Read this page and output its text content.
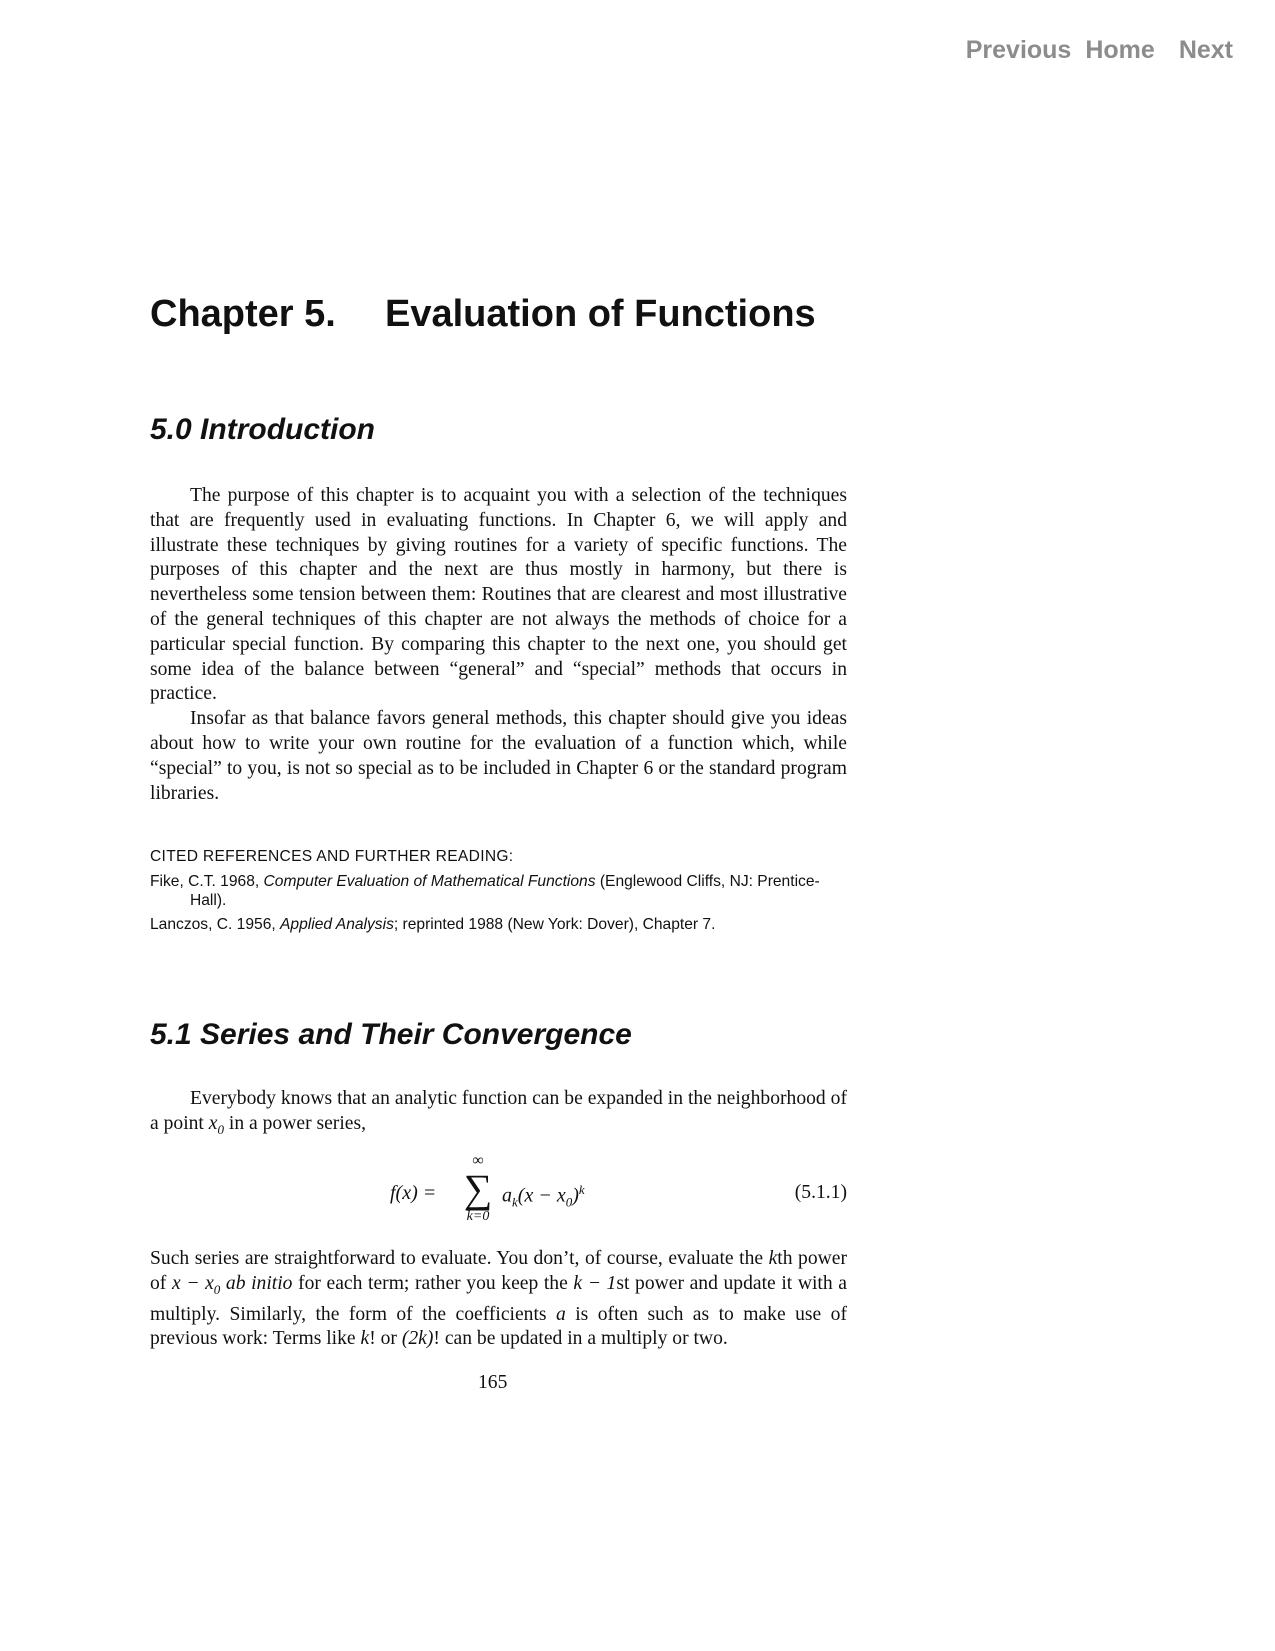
Previous Home Next
Chapter 5. Evaluation of Functions
5.0 Introduction

The purpose of this chapter is to acquaint you with a selection of the techniques that are frequently used in evaluating functions. In Chapter 6, we will apply and illustrate these techniques by giving routines for a variety of specific functions. The purposes of this chapter and the next are thus mostly in harmony, but there is nevertheless some tension between them: Routines that are clearest and most illustrative of the general techniques of this chapter are not always the methods of choice for a particular special function. By comparing this chapter to the next one, you should get some idea of the balance between “general” and “special” methods that occurs in practice.

Insofar as that balance favors general methods, this chapter should give you ideas about how to write your own routine for the evaluation of a function which, while “special” to you, is not so special as to be included in Chapter 6 or the standard program libraries.

CITED REFERENCES AND FURTHER READING:

Fike, C.T. 1968, Computer Evaluation of Mathematical Functions (Englewood Cliffs, NJ: Prentice-Hall).

Lanczos, C. 1956, Applied Analysis; reprinted 1988 (New York: Dover), Chapter 7.

5.1 Series and Their Convergence

Everybody knows that an analytic function can be expanded in the neighborhood of a point $x_0$ in a power series,

f(x) =
∞
∑
k=0
$a_k(x - x_0)^k$	(5.1.1)

Such series are straightforward to evaluate. You don’t, of course, evaluate the kth power of $x - x_0$ ab initio for each term; rather you keep the k − 1st power and update it with a multiply. Similarly, the form of the coefficients a is often such as to make use of previous work: Terms like k! or (2k)! can be updated in a multiply or two.

165
